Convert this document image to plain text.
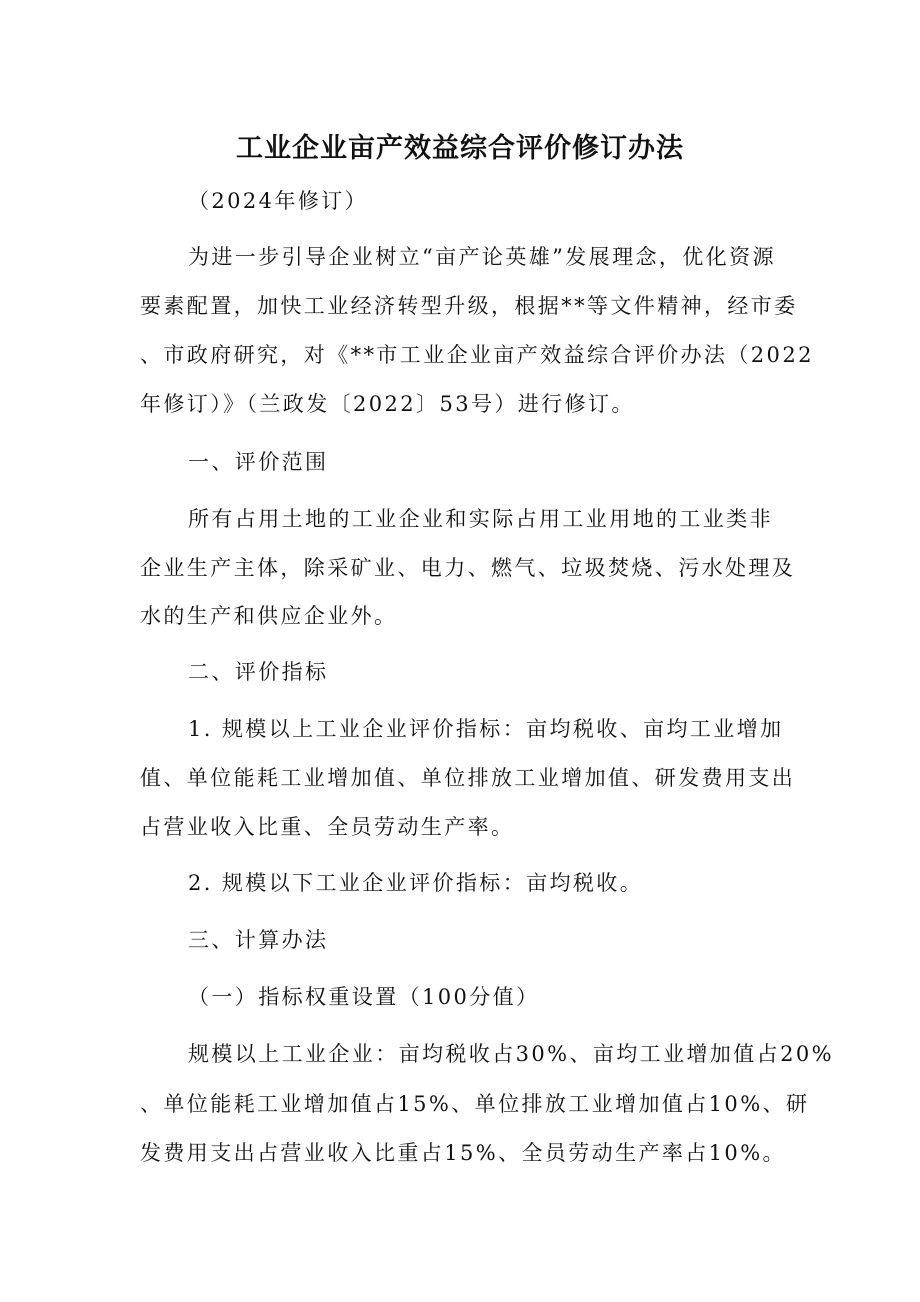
工业企业亩产效益综合评价修订办法
（2024年修订）
为进一步引导企业树立“亩产论英雄”发展理念，优化资源
要素配置，加快工业经济转型升级，根据**等文件精神，经市委
、市政府研究，对《**市工业企业亩产效益综合评价办法（2022
年修订）》（兰政发〔2022〕53号）进行修订。
一、评价范围
所有占用土地的工业企业和实际占用工业用地的工业类非
企业生产主体，除采矿业、电力、燃气、垃圾焚烧、污水处理及
水的生产和供应企业外。
二、评价指标
1. 规模以上工业企业评价指标：亩均税收、亩均工业增加
值、单位能耗工业增加值、单位排放工业增加值、研发费用支出
占营业收入比重、全员劳动生产率。
2. 规模以下工业企业评价指标：亩均税收。
三、计算办法
（一）指标权重设置（100分值）
规模以上工业企业：亩均税收占30%、亩均工业增加值占20%
、单位能耗工业增加值占15%、单位排放工业增加值占10%、研
发费用支出占营业收入比重占15%、全员劳动生产率占10%。
